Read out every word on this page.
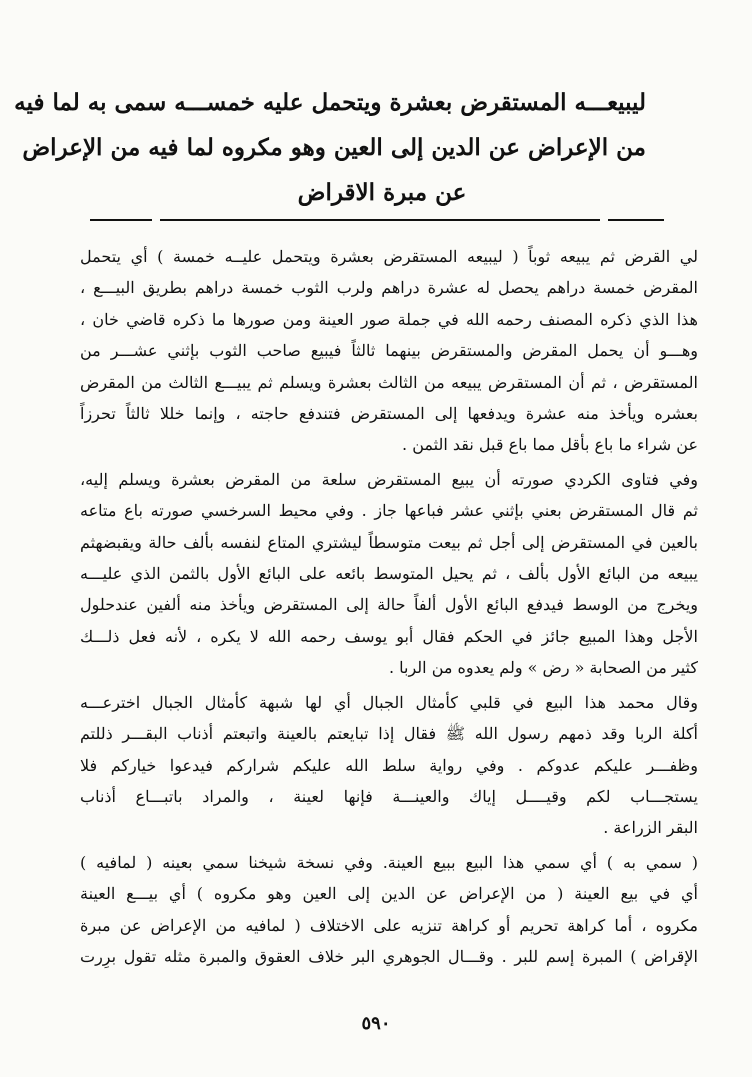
ليبيعـــه المستقرض بعشرة ويتحمل عليه خمســـه سمى به لما فيه
من الإعراض عن الدين إلى العين وهو مكروه لما فيه من الإعراض
عن مبرة الاقراض
لي القرض ثم يبيعه ثوباً ( ليبيعه المستقرض بعشرة ويتحمل عليــه خمسة ) أي يتحمل
المقرض خمسة دراهم يحصل له عشرة دراهم ولرب الثوب خمسة دراهم بطريق البيـــع ،
هذا الذي ذكره المصنف رحمه الله في جملة صور العينة ومن صورها ما ذكره قاضي خان ،
وهـــو أن يحمل المقرض والمستقرض بينهما ثالثاً فيبيع صاحب الثوب بإثني عشـــر من
المستقرض ، ثم أن المستقرض يبيعه من الثالث بعشرة ويسلم ثم يبيـــع الثالث من المقرض
بعشره ويأخذ منه عشرة ويدفعها إلى المستقرض فتندفع حاجته ، وإنما خللا ثالثاً تحرزاً
عن شراء ما باع بأقل مما باع قبل نقد الثمن .
وفي فتاوى الكردي صورته أن يبيع المستقرض سلعة من المقرض بعشرة ويسلم إليه،
ثم قال المستقرض بعني بإثني عشر فباعها جاز . وفي محيط السرخسي صورته باع متاعه
بالعين في المستقرض إلى أجل ثم بيعت متوسطاً ليشتري المتاع لنفسه بألف حالة ويقبضهثم
يبيعه من البائع الأول بألف ، ثم يحيل المتوسط بائعه على البائع الأول بالثمن الذي عليـــه
ويخرج من الوسط فيدفع البائع الأول ألفاً حالة إلى المستقرض ويأخذ منه ألفين عندحلول
الأجل وهذا المبيع جائز في الحكم فقال أبو يوسف رحمه الله لا يكره ، لأنه فعل ذلـــك
كثير من الصحابة « رض » ولم يعدوه من الربا .
وقال محمد هذا البيع في قلبي كأمثال الجبال أي لها شبهة كأمثال الجبال اخترعـــه
أكلة الربا وقد ذمهم رسول الله ﷺ فقال إذا تبايعتم بالعينة واتبعتم أذناب البقـــر ذللتم
وظفـــر عليكم عدوكم . وفي رواية سلط الله عليكم شراركم فيدعوا خياركم فلا
يستجـــاب لكم وقيــــل إياك والعينـــة فإنها لعينة ، والمراد باتبـــاع أذناب
البقر الزراعة .
( سمي به ) أي سمي هذا البيع ببيع العينة. وفي نسخة شيخنا سمي بعينه ( لمافيه )
أي في بيع العينة ( من الإعراض عن الدين إلى العين وهو مكروه ) أي بيـــع العينة
مكروه ، أما كراهة تحريم أو كراهة تنزيه على الاختلاف ( لمافيه من الإعراض عن مبرة
الإقراض ) المبرة إسم للبر . وقـــال الجوهري البر خلاف العقوق والمبرة مثله تقول برِرت
٥٩٠
